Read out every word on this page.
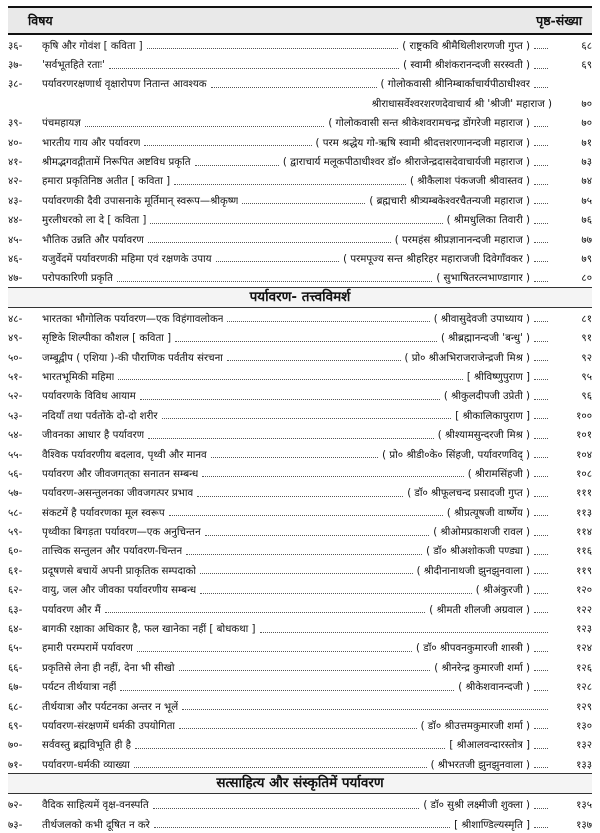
विषय	पृष्ठ-संख्या
३६-	कृषि और गोवंश [ कविता ]	( राष्ट्रकवि श्रीमैथिलीशरणजी गुप्त )	६८
३७-	'सर्वभूतहिते रताः'	( स्वामी श्रीशंकरानन्दजी सरस्वती )	६९
३८-	पर्यावरणरक्षणार्थ वृक्षारोपण नितान्त आवश्यक	( गोलोकवासी श्रीनिम्बार्काचार्यपीठाधीश्वर
श्रीराधासर्वेश्वरशरणदेवाचार्य श्री 'श्रीजी' महाराज )	७०
३९-	पंचमहायज्ञ	( गोलोकवासी सन्त श्रीकेशवरामचन्द्र डोंगरेजी महाराज )	७०
४०-	भारतीय गाय और पर्यावरण	( परम श्रद्धेय गो-ऋषि स्वामी श्रीदत्तशरणानन्दजी महाराज )	७१
४१-	श्रीमद्भगवद्गीतामें निरूपित अष्टविध प्रकृति	( द्वाराचार्य मलूकपीठाधीश्वर डॉ० श्रीराजेन्द्रदासदेवाचार्यजी महाराज )	७३
४२-	हमारा प्रकृतिनिष्ठ अतीत [ कविता ]	( श्रीकैलाश पंकजजी श्रीवास्तव )	७४
४३-	पर्यावरणकी दैवी उपासनाके मूर्तिमान् स्वरूप—श्रीकृष्ण	( ब्रह्मचारी श्रीत्र्यम्बकेश्वरचैतन्यजी महाराज )	७५
४४-	मुरलीधरको ला दे [ कविता ]	( श्रीमधुलिका तिवारी )	७६
४५-	भौतिक उन्नति और पर्यावरण	( परमहंस श्रीप्रज्ञानानन्दजी महाराज )	७७
४६-	यजुर्वेदमें पर्यावरणकी महिमा एवं रक्षणके उपाय	( परमपूज्य सन्त श्रीहरिहर महाराजजी दिवेगाँवकर )	७९
४७-	परोपकारिणी प्रकृति	( सुभाषितरत्नभाण्डागार )	८०
पर्यावरण- तत्त्वविमर्श
४८-	भारतका भौगोलिक पर्यावरण—एक विहंगावलोकन	( श्रीवासुदेवजी उपाध्याय )	८१
४९-	सृष्टिके शिल्पीका कौशल [ कविता ]	( श्रीब्रह्मानन्दजी 'बन्धु' )	९१
५०-	जम्बूद्वीप ( एशिया )-की पौराणिक पर्वतीय संरचना	( प्रो० श्रीअभिराजराजेन्द्रजी मिश्र )	९२
५१-	भारतभूमिकी महिमा	[ श्रीविष्णुपुराण ]	९५
५२-	पर्यावरणके विविध आयाम	( श्रीकुलदीपजी उप्रेती )	९६
५३-	नदियाँ तथा पर्वतोंके दो-दो शरीर	[ श्रीकालिकापुराण ]	१००
५४-	जीवनका आधार है पर्यावरण	( श्रीश्यामसुन्दरजी मिश्र )	१०१
५५-	वैश्विक पर्यावरणीय बदलाव, पृथ्वी और मानव	( प्रो० श्रीडी०के० सिंहजी, पर्यावरणविद् )	१०४
५६-	पर्यावरण और जीवजगत्‌का सनातन सम्बन्ध	( श्रीरामसिंहजी )	१०८
५७-	पर्यावरण-असन्तुलनका जीवजगत्पर प्रभाव	( डॉ० श्रीफूलचन्द प्रसादजी गुप्त )	१११
५८-	संकटमें है पर्यावरणका मूल स्वरूप	( श्रीप्रत्यूषजी वार्ष्णेय )	११३
५९-	पृथ्वीका बिगड़ता पर्यावरण—एक अनुचिन्तन	( श्रीओमप्रकाशजी रावल )	११४
६०-	तात्त्विक सन्तुलन और पर्यावरण-चिन्तन	( डॉ० श्रीअशोकजी पण्ड्या )	११६
६१-	प्रदूषणसे बचायें अपनी प्राकृतिक सम्पदाको	( श्रीदीनानाथजी झुनझुनवाला )	११९
६२-	वायु, जल और जीवका पर्यावरणीय सम्बन्ध	( श्रीअंकुरजी )	१२०
६३-	पर्यावरण और मैं	( श्रीमती शीलजी अग्रवाल )	१२२
६४-	बागकी रक्षाका अधिकार है, फल खानेका नहीं [ बोधकथा ]	१२३
६५-	हमारी परम्परामें पर्यावरण	( डॉ० श्रीपवनकुमारजी शास्त्री )	१२४
६६-	प्रकृतिसे लेना ही नहीं, देना भी सीखो	( श्रीनरेन्द्र कुमारजी शर्मा )	१२६
६७-	पर्यटन तीर्थयात्रा नहीं	( श्रीकेशवानन्दजी )	१२८
६८-	तीर्थयात्रा और पर्यटनका अन्तर न भूलें	१२९
६९-	पर्यावरण-संरक्षणमें धर्मकी उपयोगिता	( डॉ० श्रीउत्तमकुमारजी शर्मा )	१३०
७०-	सर्ववस्तु ब्रह्मविभूति ही है	[ श्रीआलवन्दारस्तोत्र ]	१३२
७१-	पर्यावरण-धर्मकी व्याख्या	( श्रीभरतजी झुनझुनवाला )	१३३
सत्साहित्य और संस्कृतिमें पर्यावरण
७२-	वैदिक साहित्यमें वृक्ष-वनस्पति	( डॉ० सुश्री लक्ष्मीजी शुक्ला )	१३५
७३-	तीर्थजलको कभी दूषित न करे	[ श्रीशाण्डिल्यस्मृति ]	१३७
